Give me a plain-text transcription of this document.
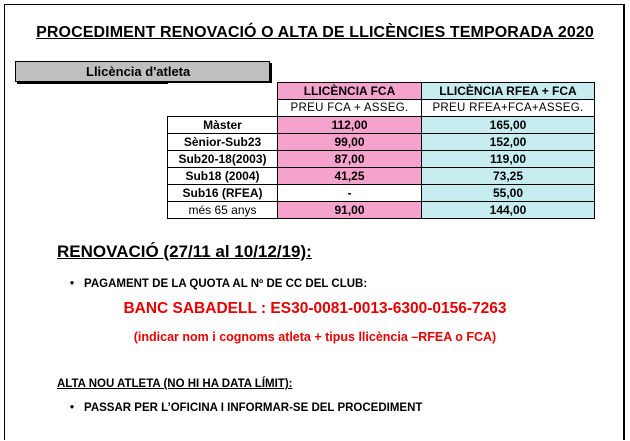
PROCEDIMENT RENOVACIÓ O ALTA DE LLICÈNCIES TEMPORADA 2020
Llicència d'atleta
	LLICÈNCIA FCA	LLICÈNCIA RFEA + FCA
	PREU FCA + ASSEG.	PREU RFEA+FCA+ASSEG.
Màster	112,00	165,00
Sènior-Sub23	99,00	152,00
Sub20-18(2003)	87,00	119,00
Sub18 (2004)	41,25	73,25
Sub16 (RFEA)	-	55,00
més 65 anys	91,00	144,00
RENOVACIÓ (27/11 al 10/12/19):
• PAGAMENT DE LA QUOTA AL Nº DE CC DEL CLUB:
BANC SABADELL : ES30-0081-0013-6300-0156-7263
(indicar nom i cognoms atleta + tipus llicència –RFEA o FCA)
ALTA NOU ATLETA (NO HI HA DATA LÍMIT):
• PASSAR PER L’OFICINA I INFORMAR-SE DEL PROCEDIMENT
